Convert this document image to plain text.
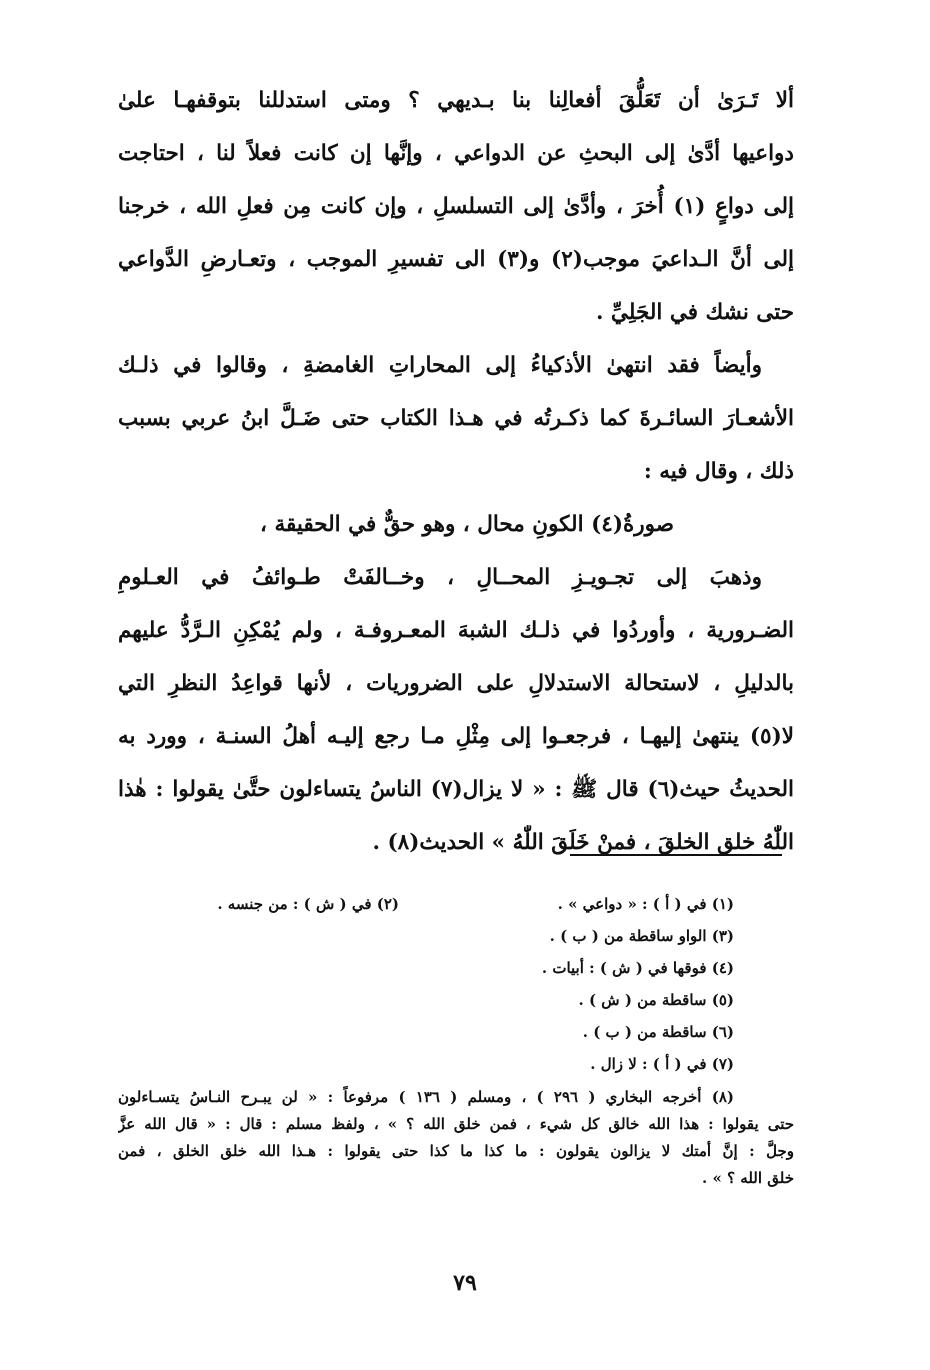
ألا تَـرَىٰ أن تَعَلُّقَ أفعالِنا بنا بـديهي ؟ ومتى استدللنا بتوقفهـا علىٰ
دواعيها أدَّىٰ إلى البحثِ عن الدواعي ، وإنَّها إن كانت فعلاً لنا ، احتاجت
إلى دواعٍ (١) أُخرَ ، وأدَّىٰ إلى التسلسلِ ، وإن كانت مِن فعلِ الله ، خرجنا
إلى أنَّ الـداعيَ موجب(٢) و(٣) الى تفسيرِ الموجب ، وتعـارضِ الدَّواعي
حتى نشك في الجَلِيِّ .
وأيضاً فقد انتهىٰ الأذكياءُ إلى المحاراتِ الغامضةِ ، وقالوا في ذلـك
الأشعـارَ السائـرةَ كما ذكـرتُه في هـذا الكتاب حتى ضَـلَّ ابنُ عربي بسبب
ذلك ، وقال فيه :
صورةُ(٤) الكونِ محال ، وهو حقٌّ في الحقيقة ،
وذهبَ إلى تجـويـزِ المحــالِ ، وخــالفَتْ طـوائفُ في العـلومِ
الضـرورية ، وأوردُوا في ذلـك الشبهَ المعـروفـة ، ولم يُمْكِنِ الـرَّدُّ عليهم
بالدليلِ ، لاستحالة الاستدلالِ على الضروريات ، لأنها قواعِدُ النظرِ التي
لا(٥) ينتهىٰ إليهـا ، فرجعـوا إلى مِثْلِ مـا رجع إليـه أهلُ السنـة ، وورد به
الحديثُ حيث(٦) قال ﷺ : « لا يزال(٧) الناسُ يتساءلون حتَّىٰ يقولوا : هٰذا
اللّٰهُ خلق الخلقَ ، فمنْ خَلَقَ اللّٰهُ » الحديث(٨) .
(١) في ( أ ) : « دواعي » .
(٢) في ( ش ) : من جنسه .
(٣) الواو ساقطة من ( ب ) .
(٤) فوقها في ( ش ) : أبيات .
(٥) ساقطة من ( ش ) .
(٦) ساقطة من ( ب ) .
(٧) في ( أ ) : لا زال .
(٨) أخرجه البخاري ( ٢٩٦ ) ، ومسلم ( ١٣٦ ) مرفوعاً : « لن يبـرح النـاسُ يتسـاءلون
حتى يقولوا : هذا الله خالق كل شيء ، فمن خلق الله ؟ » ، ولفظ مسلم : قال : « قال الله عزَّ
وجلَّ : إنَّ أمتك لا يزالون يقولون : ما كذا ما كذا حتى يقولوا : هـذا الله خلق الخلق ، فمن
خلق الله ؟ » .
٧٩
